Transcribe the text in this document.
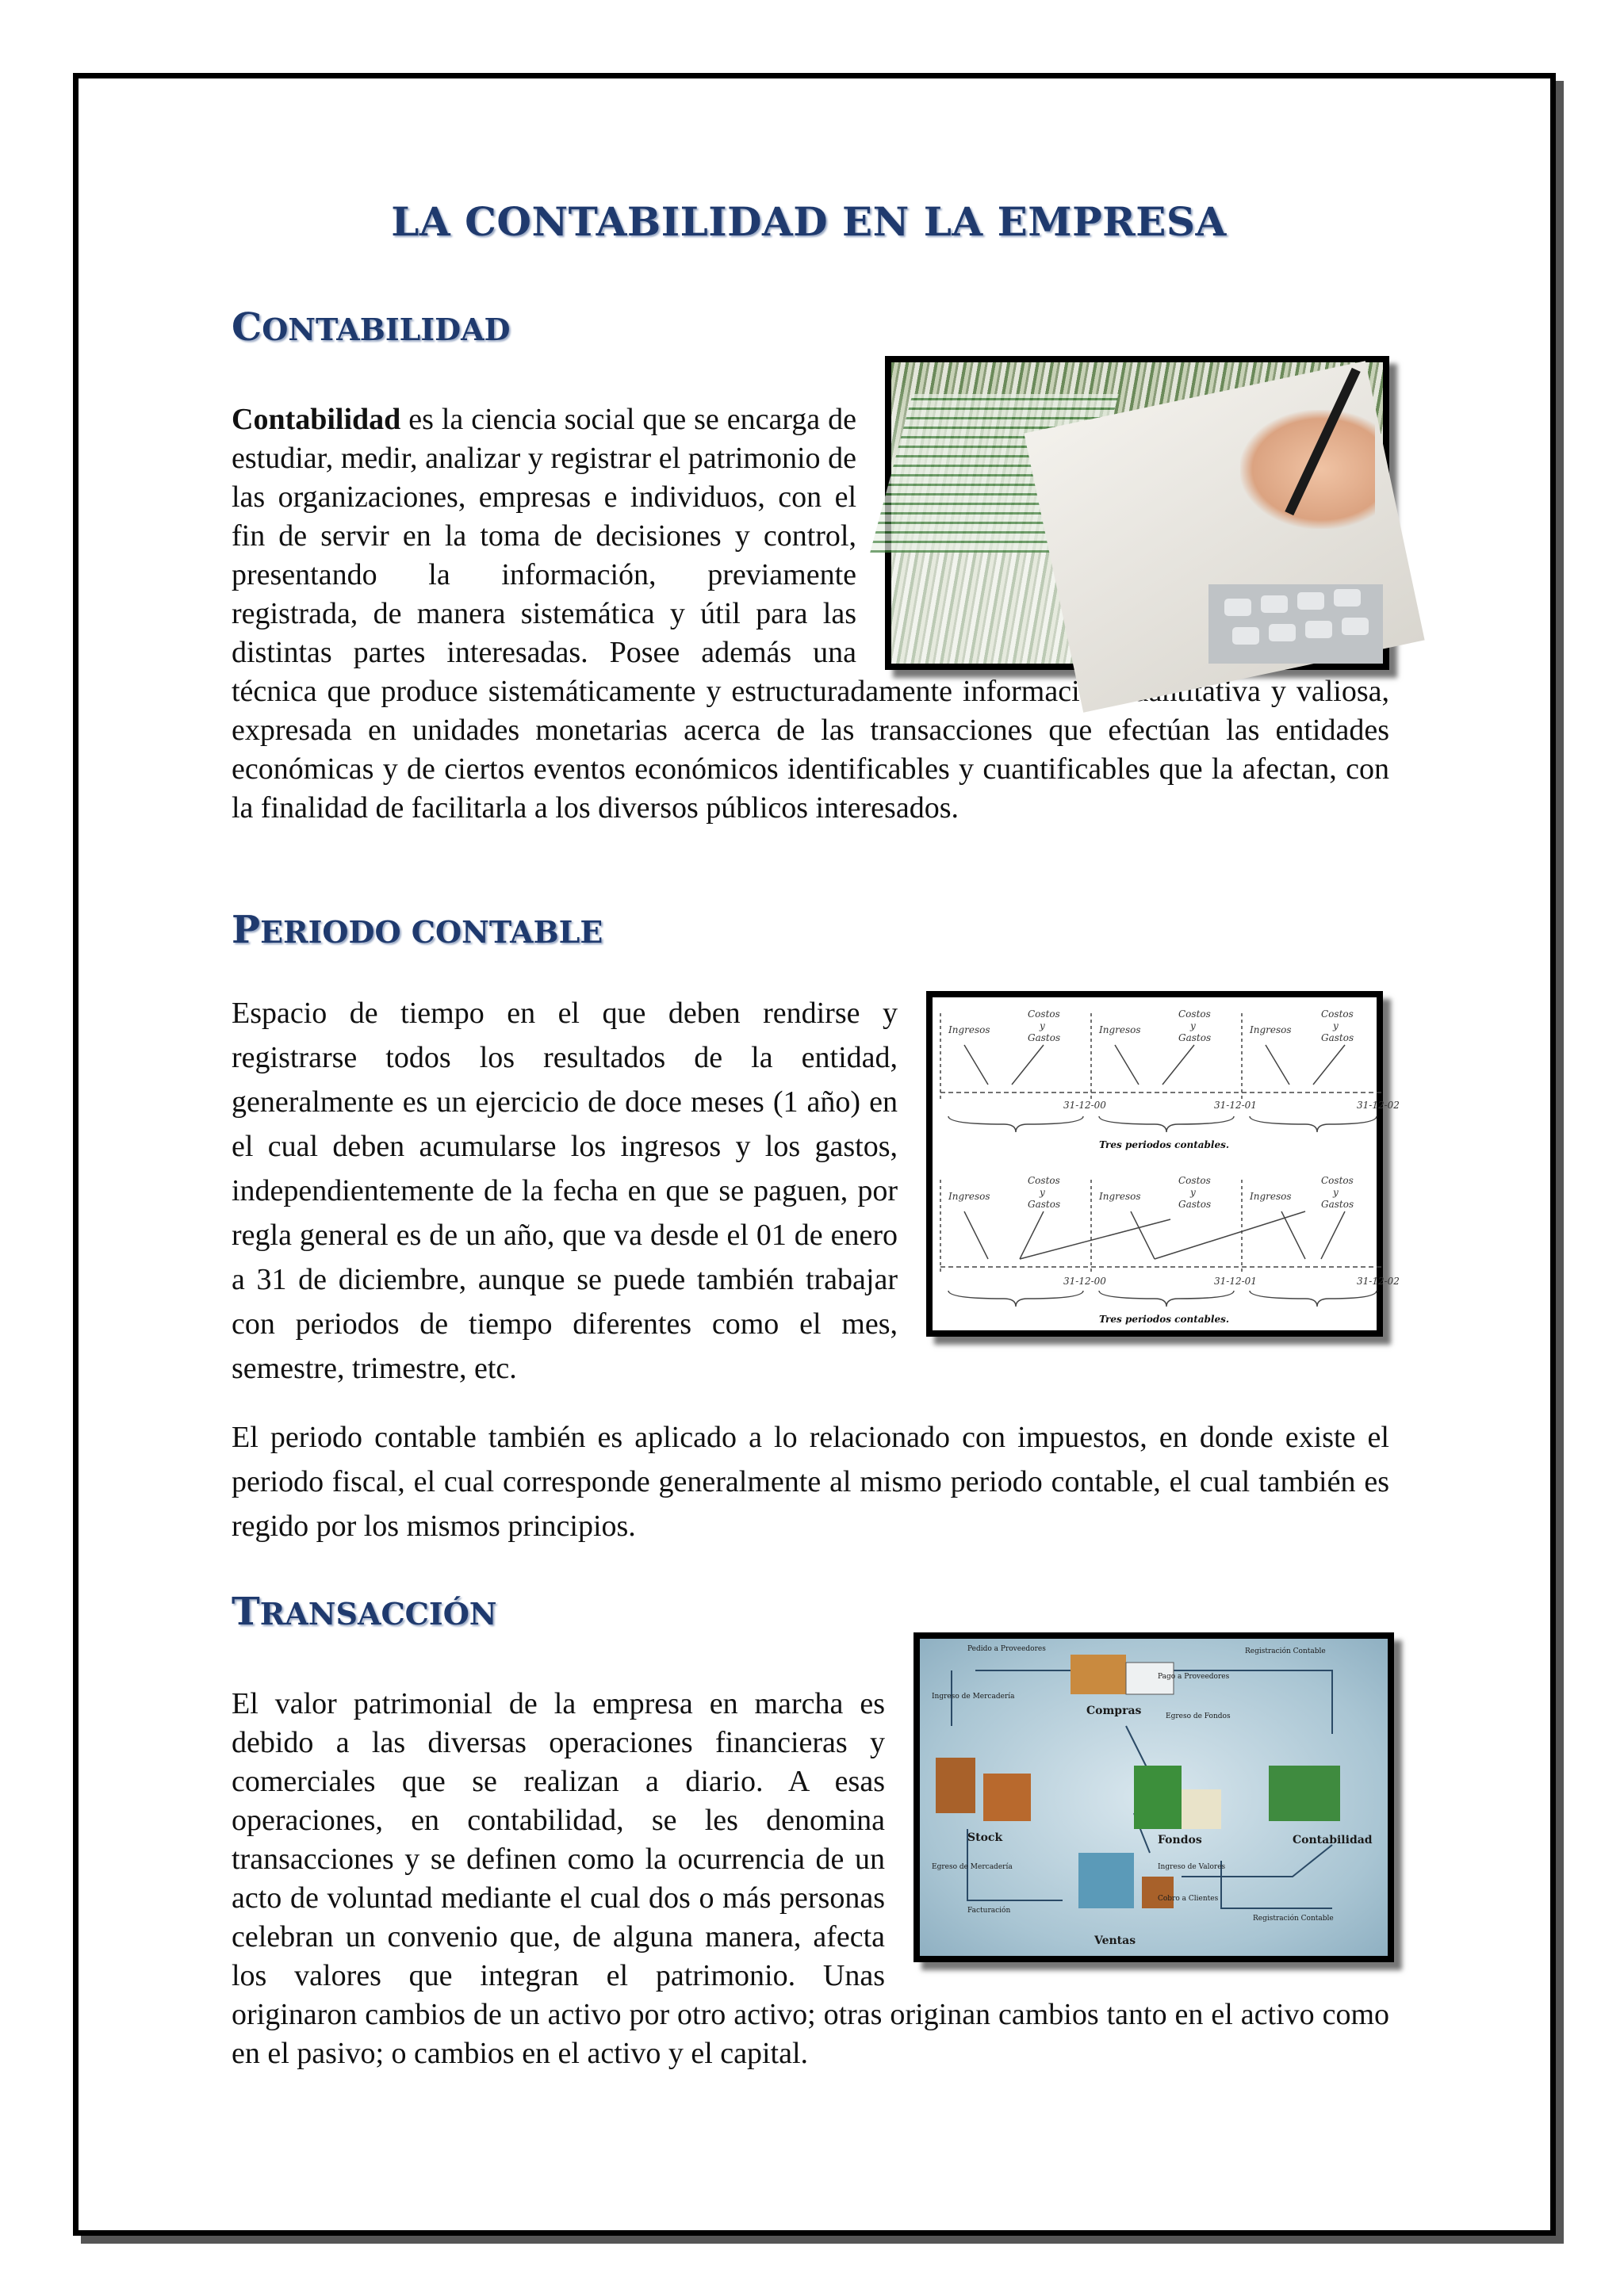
LA CONTABILIDAD EN LA EMPRESA
CONTABILIDAD
Contabilidad es la ciencia social que se encarga de estudiar, medir, analizar y registrar el patrimonio de las organizaciones, empresas e individuos, con el fin de servir en la toma de decisiones y control, presentando la información, previamente registrada, de manera sistemática y útil para las distintas partes interesadas. Posee además una técnica que produce sistemáticamente y estructuradamente información cuantitativa y valiosa, expresada en unidades monetarias acerca de las transacciones que efectúan las entidades económicas y de ciertos eventos económicos identificables y cuantificables que la afectan, con la finalidad de facilitarla a los diversos públicos interesados.
PERIODO CONTABLE
Ingresos
Costos
y
Gastos
Ingresos
Costos
y
Gastos
Ingresos
Costos
y
Gastos
31-12-00	31-12-01	31-12-02
Ingresos
Costos
y
Gastos
Ingresos
Costos
y
Gastos
Ingresos
Costos
y
Gastos
31-12-00	31-12-01	31-12-02
Tres periodos contables.
Tres periodos contables.
Espacio de tiempo en el que deben rendirse y registrarse todos los resultados de la entidad, generalmente es un ejercicio de doce meses (1 año) en el cual deben acumularse los ingresos y los gastos, independientemente de la fecha en que se paguen, por regla general es de un año, que va desde el 01 de enero a 31 de diciembre, aunque se puede también trabajar con periodos de tiempo diferentes como el mes, semestre, trimestre, etc.
El periodo contable también es aplicado a lo relacionado con impuestos, en donde existe el periodo fiscal, el cual corresponde generalmente al mismo periodo contable, el cual también es regido por los mismos principios.
TRANSACCIÓN
Compras
Stock	Fondos	Contabilidad
Ventas
Pedido a Proveedores	Registración Contable
Pago a Proveedores
Ingreso de Mercadería
Egreso de Fondos
Egreso de Mercadería	Ingreso de Valores
Facturación
Cobro a Clientes
Registración Contable
El valor patrimonial de la empresa en marcha es debido a las diversas operaciones financieras y comerciales que se realizan a diario. A esas operaciones, en contabilidad, se les denomina transacciones y se definen como la ocurrencia de un acto de voluntad mediante el cual dos o más personas celebran un convenio que, de alguna manera, afecta los valores que integran el patrimonio. Unas originaron cambios de un activo por otro activo; otras originan cambios tanto en el activo como en el pasivo; o cambios en el activo y el capital.
